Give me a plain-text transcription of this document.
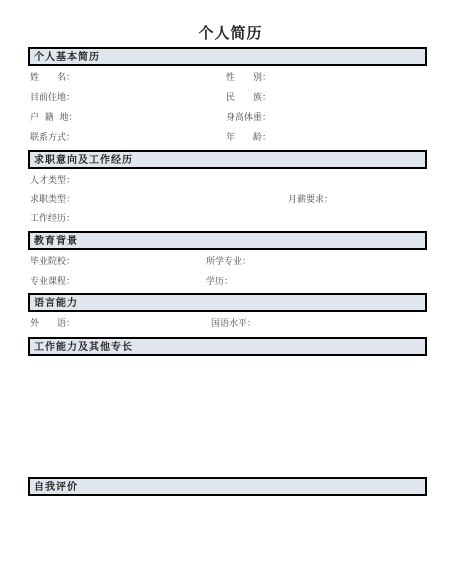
个人简历
个人基本简历
姓　　名：	性　　别：
目前住地：	民　　族：
户  籍  地：	身高体重：
联系方式：	年　　龄：
求职意向及工作经历
人才类型：
求职类型：	月薪要求：
工作经历：
教育背景
毕业院校：	所学专业：
专业课程：	学历：
语言能力
外　　语：	国语水平：
工作能力及其他专长
自我评价
